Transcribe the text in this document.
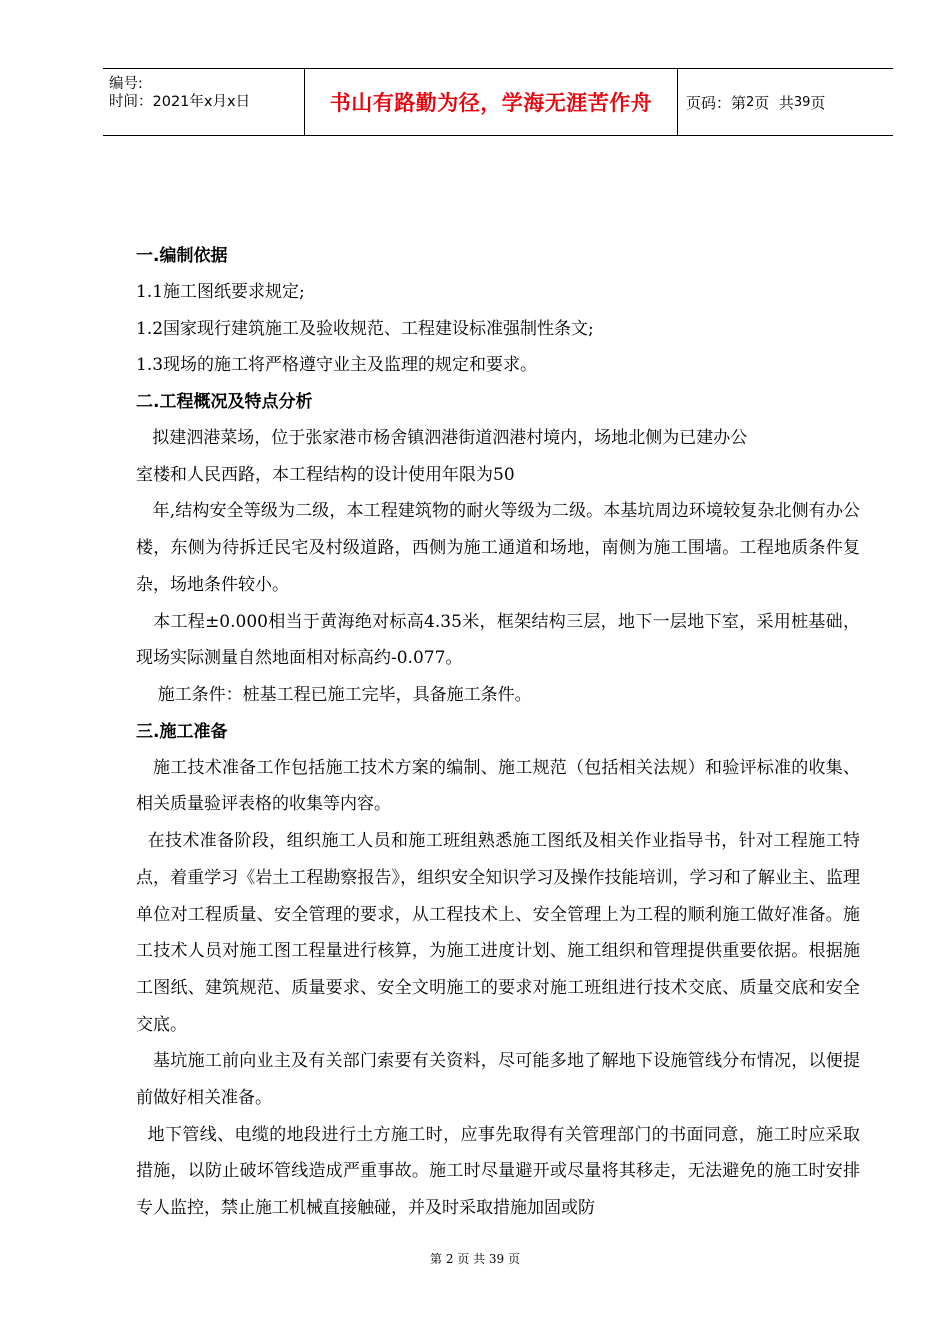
编号:
时间：2021年x月x日	书山有路勤为径，学海无涯苦作舟	页码：第 2 页  共 39 页
一.编制依据

1.1施工图纸要求规定;

1.2国家现行建筑施工及验收规范、工程建设标准强制性条文;

1.3现场的施工将严格遵守业主及监理的规定和要求。

二.工程概况及特点分析

拟建泗港菜场，位于张家港市杨舍镇泗港街道泗港村境内，场地北侧为已建办公

室楼和人民西路，本工程结构的设计使用年限为50

年,结构安全等级为二级，本工程建筑物的耐火等级为二级。本基坑周边环境较复杂北侧有办公楼，东侧为待拆迁民宅及村级道路，西侧为施工通道和场地，南侧为施工围墙。工程地质条件复杂，场地条件较小。

本工程±0.000相当于黄海绝对标高4.35米，框架结构三层，地下一层地下室，采用桩基础，现场实际测量自然地面相对标高约-0.077。

施工条件：桩基工程已施工完毕，具备施工条件。

三.施工准备

施工技术准备工作包括施工技术方案的编制、施工规范（包括相关法规）和验评标准的收集、相关质量验评表格的收集等内容。

在技术准备阶段，组织施工人员和施工班组熟悉施工图纸及相关作业指导书，针对工程施工特点，着重学习《岩土工程勘察报告》，组织安全知识学习及操作技能培训，学习和了解业主、监理单位对工程质量、安全管理的要求，从工程技术上、安全管理上为工程的顺利施工做好准备。施工技术人员对施工图工程量进行核算，为施工进度计划、施工组织和管理提供重要依据。根据施工图纸、建筑规范、质量要求、安全文明施工的要求对施工班组进行技术交底、质量交底和安全交底。

基坑施工前向业主及有关部门索要有关资料，尽可能多地了解地下设施管线分布情况，以便提前做好相关准备。

地下管线、电缆的地段进行土方施工时，应事先取得有关管理部门的书面同意，施工时应采取措施，以防止破坏管线造成严重事故。施工时尽量避开或尽量将其移走，无法避免的施工时安排专人监控，禁止施工机械直接触碰，并及时采取措施加固或防

第 2 页 共 39 页
